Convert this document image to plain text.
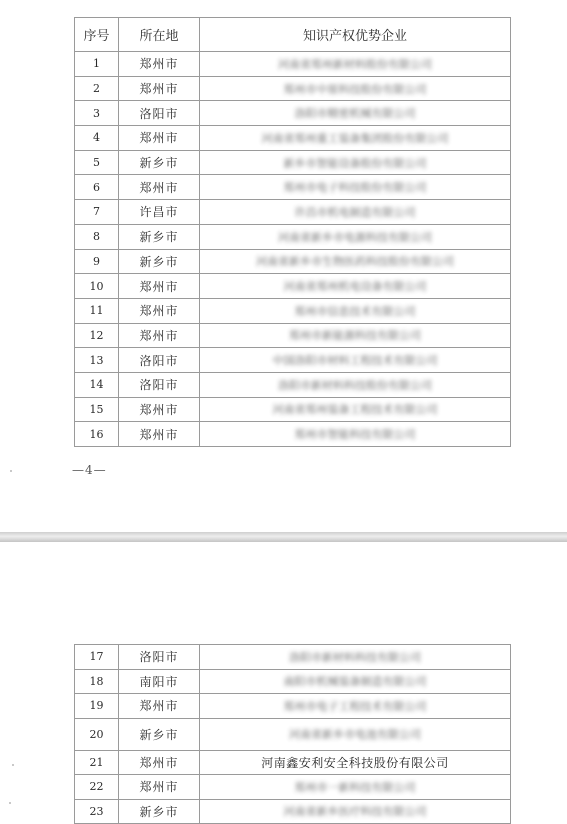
序号	所在地	知识产权优势企业
1	郑州市	河南省郑州新材料股份有限公司
2	郑州市	郑州市中原科技股份有限公司
3	洛阳市	洛阳市精密机械有限公司
4	郑州市	河南省郑州重工装备集团股份有限公司
5	新乡市	新乡市智能设备股份有限公司
6	郑州市	郑州市电子科技股份有限公司
7	许昌市	许昌市机电制造有限公司
8	新乡市	河南省新乡市电源科技有限公司
9	新乡市	河南省新乡市生物医药科技股份有限公司
10	郑州市	河南省郑州机电设备有限公司
11	郑州市	郑州市信息技术有限公司
12	郑州市	郑州市新能源科技有限公司
13	洛阳市	中国洛阳市材料工程技术有限公司
14	洛阳市	洛阳市新材料科技股份有限公司
15	郑州市	河南省郑州装备工程技术有限公司
16	郑州市	郑州市智能科技有限公司
—4—
17	洛阳市	洛阳市新材料科技有限公司
18	南阳市	南阳市机械装备制造有限公司
19	郑州市	郑州市电子工程技术有限公司
20	新乡市	河南省新乡市电池有限公司
21	郑州市	河南鑫安利安全科技股份有限公司
22	郑州市	郑州市一新科技有限公司
23	新乡市	河南省新乡医疗科技有限公司
